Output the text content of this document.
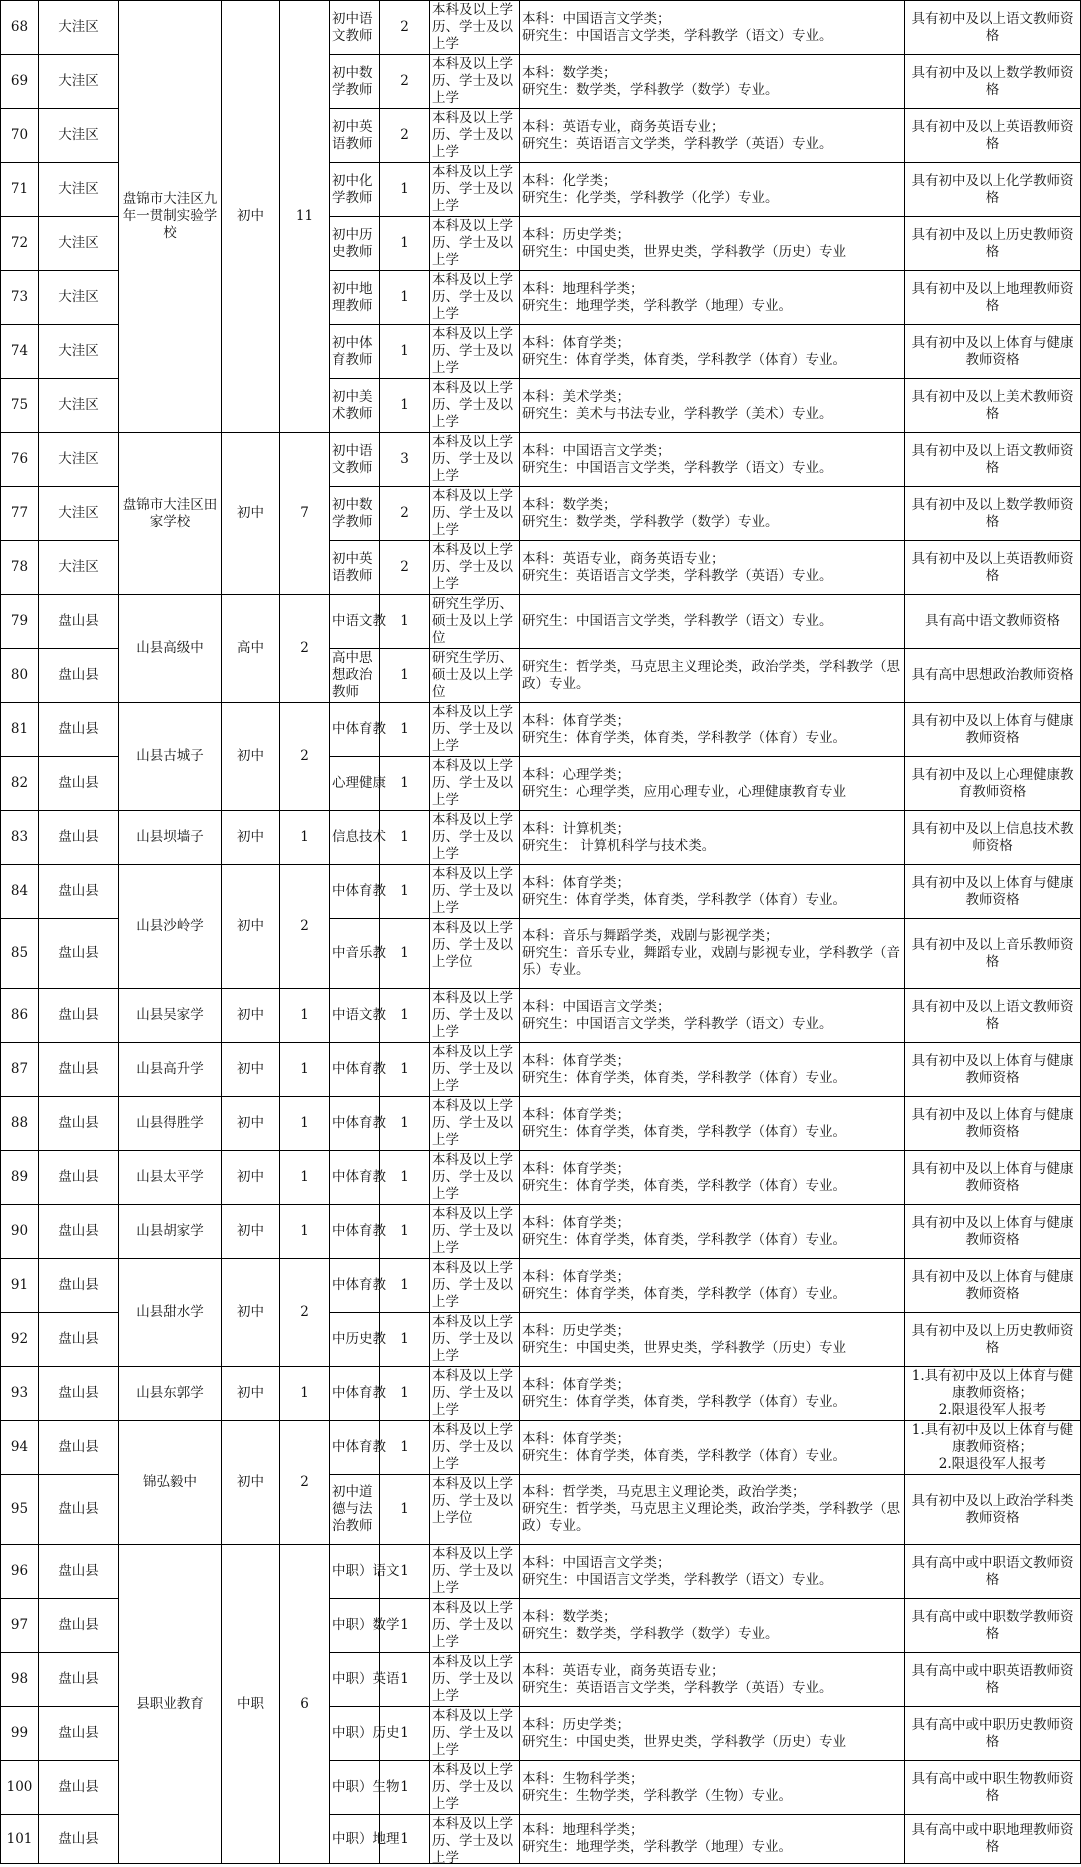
68	大洼区	盘锦市大洼区九年一贯制实验学校	初中	11	初中语文教师	2	本科及以上学历、学士及以上学	本科：中国语言文学类；
研究生：中国语言文学类，学科教学（语文）专业。	具有初中及以上语文教师资格

69	大洼区				初中数学教师	2	本科及以上学历、学士及以上学	本科：数学类；
研究生：数学类，学科教学（数学）专业。	具有初中及以上数学教师资格

70	大洼区				初中英语教师	2	本科及以上学历、学士及以上学	本科：英语专业，商务英语专业；
研究生：英语语言文学类，学科教学（英语）专业。	具有初中及以上英语教师资格

71	大洼区				初中化学教师	1	本科及以上学历、学士及以上学	本科：化学类；
研究生：化学类，学科教学（化学）专业。	具有初中及以上化学教师资格

72	大洼区				初中历史教师	1	本科及以上学历、学士及以上学	本科：历史学类；
研究生：中国史类，世界史类，学科教学（历史）专业	具有初中及以上历史教师资格

73	大洼区				初中地理教师	1	本科及以上学历、学士及以上学	本科：地理科学类；
研究生：地理学类，学科教学（地理）专业。	具有初中及以上地理教师资格

74	大洼区				初中体育教师	1	本科及以上学历、学士及以上学	本科：体育学类；
研究生：体育学类，体育类，学科教学（体育）专业。	具有初中及以上体育与健康教师资格

75	大洼区				初中美术教师	1	本科及以上学历、学士及以上学	本科：美术学类；
研究生：美术与书法专业，学科教学（美术）专业。	具有初中及以上美术教师资格

76	大洼区	盘锦市大洼区田家学校	初中	7	初中语文教师	3	本科及以上学历、学士及以上学	本科：中国语言文学类；
研究生：中国语言文学类，学科教学（语文）专业。	具有初中及以上语文教师资格

77	大洼区				初中数学教师	2	本科及以上学历、学士及以上学	本科：数学类；
研究生：数学类，学科教学（数学）专业。	具有初中及以上数学教师资格

78	大洼区				初中英语教师	2	本科及以上学历、学士及以上学	本科：英语专业，商务英语专业；
研究生：英语语言文学类，学科教学（英语）专业。	具有初中及以上英语教师资格

79	盘山县	山县高级中	高中	2	中语文教	1	研究生学历、硕士及以上学位	研究生：中国语言文学类，学科教学（语文）专业。	具有高中语文教师资格

80	盘山县				高中思想政治教师	1	研究生学历、硕士及以上学位	研究生：哲学类，马克思主义理论类，政治学类，学科教学（思政）专业。	具有高中思想政治教师资格

81	盘山县	山县古城子	初中	2	中体育教	1	本科及以上学历、学士及以上学	本科：体育学类；
研究生：体育学类，体育类，学科教学（体育）专业。	具有初中及以上体育与健康教师资格

82	盘山县				心理健康	1	本科及以上学历、学士及以上学	本科：心理学类；
研究生：心理学类，应用心理专业，心理健康教育专业	具有初中及以上心理健康教育教师资格

83	盘山县	山县坝墙子	初中	1	信息技术	1	本科及以上学历、学士及以上学	本科：计算机类；
研究生： 计算机科学与技术类。	具有初中及以上信息技术教师资格

84	盘山县	山县沙岭学	初中	2	中体育教	1	本科及以上学历、学士及以上学	本科：体育学类；
研究生：体育学类，体育类，学科教学（体育）专业。	具有初中及以上体育与健康教师资格

85	盘山县				中音乐教	1	本科及以上学历、学士及以上学位	本科：音乐与舞蹈学类，戏剧与影视学类；
研究生：音乐专业，舞蹈专业，戏剧与影视专业，学科教学（音乐）专业。	具有初中及以上音乐教师资格

86	盘山县	山县吴家学	初中	1	中语文教	1	本科及以上学历、学士及以上学	本科：中国语言文学类；
研究生：中国语言文学类，学科教学（语文）专业。	具有初中及以上语文教师资格

87	盘山县	山县高升学	初中	1	中体育教	1	本科及以上学历、学士及以上学	本科：体育学类；
研究生：体育学类，体育类，学科教学（体育）专业。	具有初中及以上体育与健康教师资格

88	盘山县	山县得胜学	初中	1	中体育教	1	本科及以上学历、学士及以上学	本科：体育学类；
研究生：体育学类，体育类，学科教学（体育）专业。	具有初中及以上体育与健康教师资格

89	盘山县	山县太平学	初中	1	中体育教	1	本科及以上学历、学士及以上学	本科：体育学类；
研究生：体育学类，体育类，学科教学（体育）专业。	具有初中及以上体育与健康教师资格

90	盘山县	山县胡家学	初中	1	中体育教	1	本科及以上学历、学士及以上学	本科：体育学类；
研究生：体育学类，体育类，学科教学（体育）专业。	具有初中及以上体育与健康教师资格

91	盘山县	山县甜水学	初中	2	中体育教	1	本科及以上学历、学士及以上学	本科：体育学类；
研究生：体育学类，体育类，学科教学（体育）专业。	具有初中及以上体育与健康教师资格

92	盘山县				中历史教	1	本科及以上学历、学士及以上学	本科：历史学类；
研究生：中国史类，世界史类，学科教学（历史）专业	具有初中及以上历史教师资格

93	盘山县	山县东郭学	初中	1	中体育教	1	本科及以上学历、学士及以上学	本科：体育学类；
研究生：体育学类，体育类，学科教学（体育）专业。	1.具有初中及以上体育与健康教师资格；
2.限退役军人报考

94	盘山县	锦弘毅中	初中	2	中体育教	1	本科及以上学历、学士及以上学	本科：体育学类；
研究生：体育学类，体育类，学科教学（体育）专业。	1.具有初中及以上体育与健康教师资格；
2.限退役军人报考

95	盘山县				初中道德与法治教师	1	本科及以上学历、学士及以上学位	本科：哲学类，马克思主义理论类，政治学类；
研究生：哲学类，马克思主义理论类，政治学类，学科教学（思政）专业。	具有初中及以上政治学科类教师资格

96	盘山县	县职业教育	中职	6	中职）语文	1	本科及以上学历、学士及以上学	本科：中国语言文学类；
研究生：中国语言文学类，学科教学（语文）专业。	具有高中或中职语文教师资格

97	盘山县				中职）数学	1	本科及以上学历、学士及以上学	本科：数学类；
研究生：数学类，学科教学（数学）专业。	具有高中或中职数学教师资格

98	盘山县				中职）英语	1	本科及以上学历、学士及以上学	本科：英语专业，商务英语专业；
研究生：英语语言文学类，学科教学（英语）专业。	具有高中或中职英语教师资格

99	盘山县				中职）历史	1	本科及以上学历、学士及以上学	本科：历史学类；
研究生：中国史类，世界史类，学科教学（历史）专业	具有高中或中职历史教师资格

100	盘山县				中职）生物	1	本科及以上学历、学士及以上学	本科：生物科学类；
研究生：生物学类，学科教学（生物）专业。	具有高中或中职生物教师资格

101	盘山县				中职）地理	1	本科及以上学历、学士及以上学	本科：地理科学类；
研究生：地理学类，学科教学（地理）专业。	具有高中或中职地理教师资格
